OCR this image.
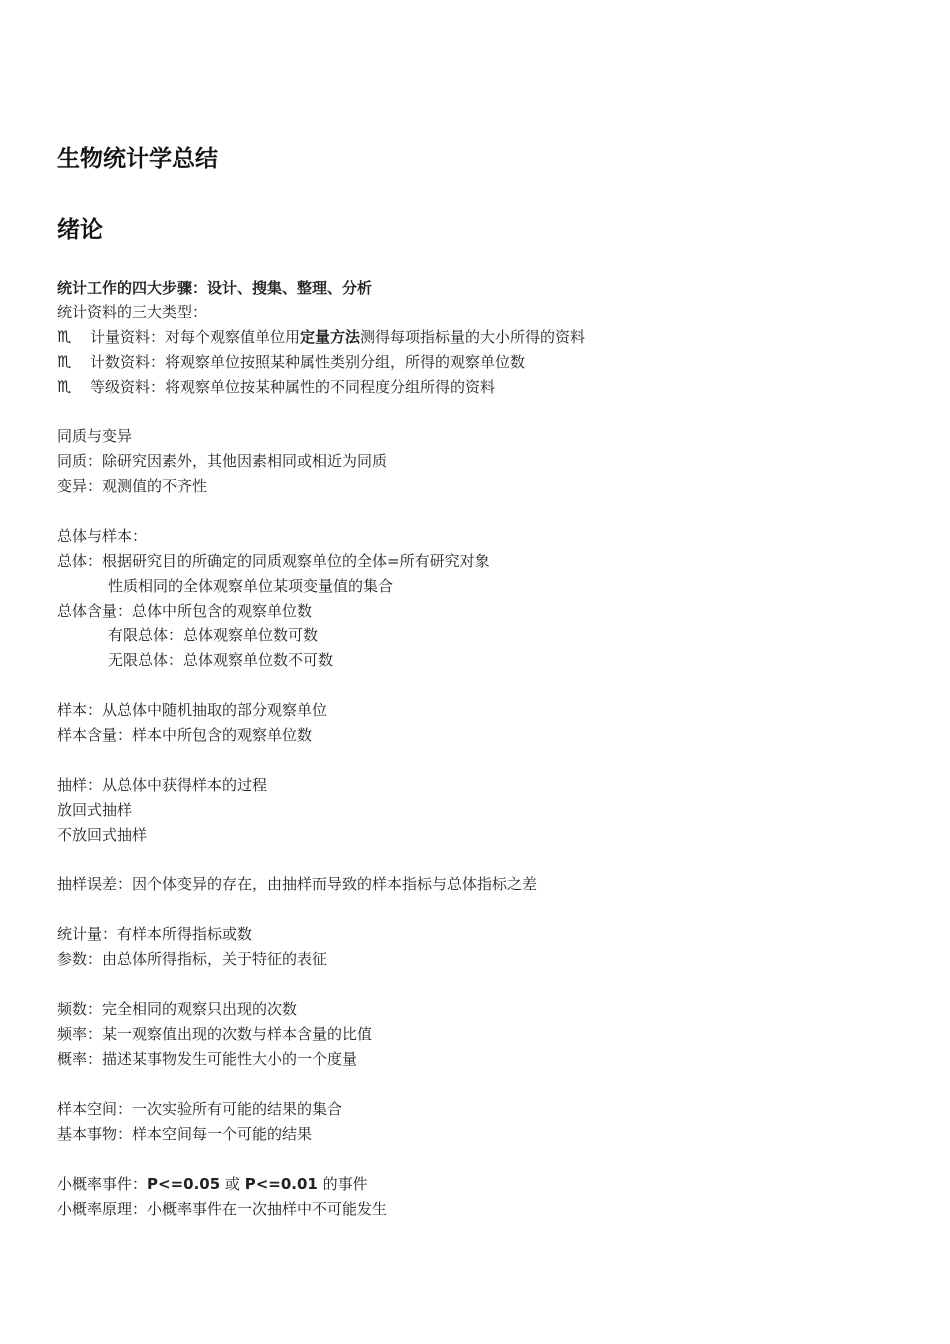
生物统计学总结
绪论
统计工作的四大步骤：设计、搜集、整理、分析
统计资料的三大类型：
♏ 计量资料：对每个观察值单位用定量方法测得每项指标量的大小所得的资料
♏ 计数资料：将观察单位按照某种属性类别分组，所得的观察单位数
♏ 等级资料：将观察单位按某种属性的不同程度分组所得的资料
同质与变异
同质：除研究因素外，其他因素相同或相近为同质
变异：观测值的不齐性
总体与样本：
总体：根据研究目的所确定的同质观察单位的全体=所有研究对象
性质相同的全体观察单位某项变量值的集合
总体含量：总体中所包含的观察单位数
有限总体：总体观察单位数可数
无限总体：总体观察单位数不可数
样本：从总体中随机抽取的部分观察单位
样本含量：样本中所包含的观察单位数
抽样：从总体中获得样本的过程
放回式抽样
不放回式抽样
抽样误差：因个体变异的存在，由抽样而导致的样本指标与总体指标之差
统计量：有样本所得指标或数
参数：由总体所得指标，关于特征的表征
频数：完全相同的观察只出现的次数
频率：某一观察值出现的次数与样本含量的比值
概率：描述某事物发生可能性大小的一个度量
样本空间：一次实验所有可能的结果的集合
基本事物：样本空间每一个可能的结果
小概率事件：P<=0.05 或 P<=0.01 的事件
小概率原理：小概率事件在一次抽样中不可能发生
